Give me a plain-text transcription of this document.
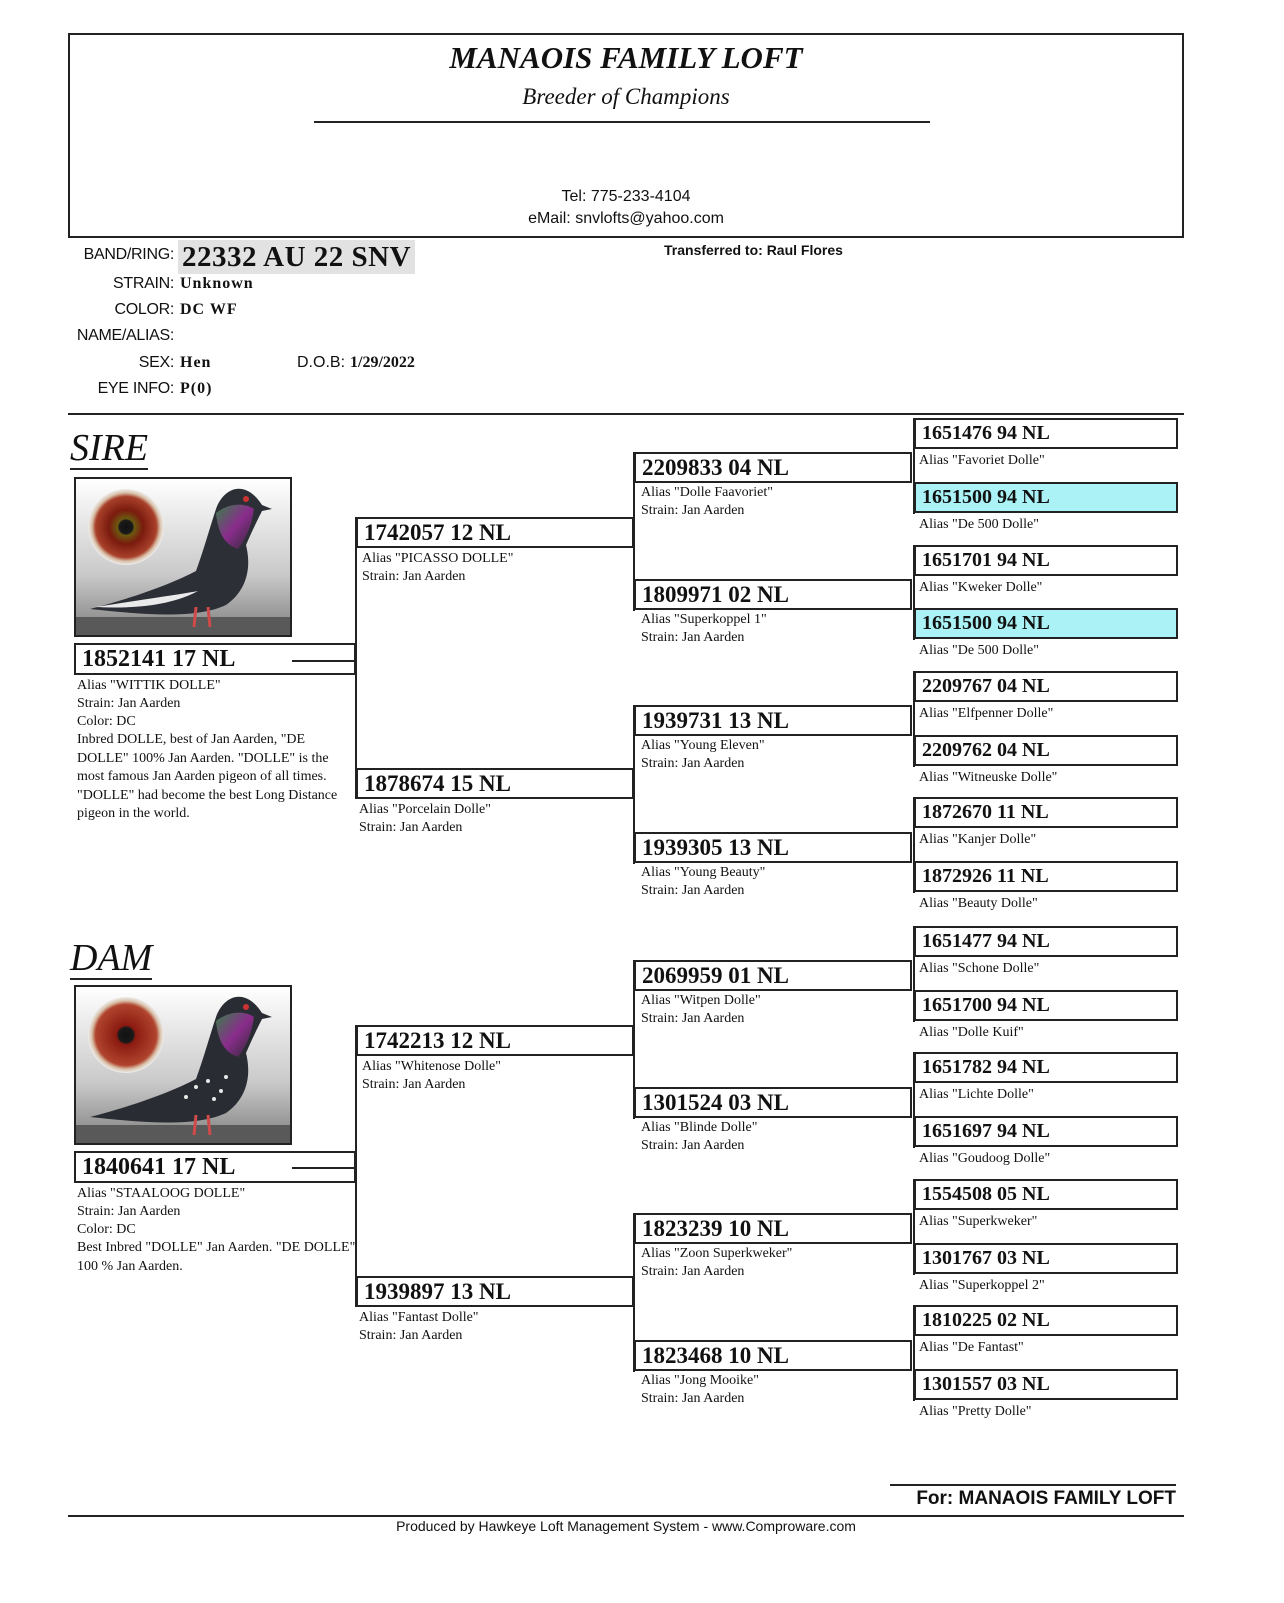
MANAOIS FAMILY LOFT
Breeder of Champions
Tel: 775-233-4104
eMail: snvlofts@yahoo.com
BAND/RING: 22332 AU 22 SNV	Transferred to: Raul Flores
STRAIN: Unknown
COLOR: DC WF
NAME/ALIAS:
SEX: Hen	D.O.B: 1/29/2022
EYE INFO: P(0)
SIRE
1852141 17 NL
Alias "WITTIK DOLLE"
Strain: Jan Aarden
Color: DC
Inbred DOLLE, best of Jan Aarden, "DE DOLLE" 100% Jan Aarden. "DOLLE" is the most famous Jan Aarden pigeon of all times. "DOLLE" had become the best Long Distance pigeon in the world.
DAM
1840641 17 NL
Alias "STAALOOG DOLLE"
Strain: Jan Aarden
Color: DC
Best Inbred "DOLLE" Jan Aarden. "DE DOLLE" 100 % Jan Aarden.
1742057 12 NL
Alias "PICASSO DOLLE"
Strain: Jan Aarden
1878674 15 NL
Alias "Porcelain Dolle"
Strain: Jan Aarden
1742213 12 NL
Alias "Whitenose Dolle"
Strain: Jan Aarden
1939897 13 NL
Alias "Fantast Dolle"
Strain: Jan Aarden
2209833 04 NL
Alias "Dolle Faavoriet"
Strain: Jan Aarden
1809971 02 NL
Alias "Superkoppel 1"
Strain: Jan Aarden
1939731 13 NL
Alias "Young Eleven"
Strain: Jan Aarden
1939305 13 NL
Alias "Young Beauty"
Strain: Jan Aarden
2069959 01 NL
Alias "Witpen Dolle"
Strain: Jan Aarden
1301524 03 NL
Alias "Blinde Dolle"
Strain: Jan Aarden
1823239 10 NL
Alias "Zoon Superkweker"
Strain: Jan Aarden
1823468 10 NL
Alias "Jong Mooike"
Strain: Jan Aarden
1651476 94 NL
Alias "Favoriet Dolle"
1651500 94 NL
Alias "De 500 Dolle"
1651701 94 NL
Alias "Kweker Dolle"
1651500 94 NL
Alias "De 500 Dolle"
2209767 04 NL
Alias "Elfpenner Dolle"
2209762 04 NL
Alias "Witneuske Dolle"
1872670 11 NL
Alias "Kanjer Dolle"
1872926 11 NL
Alias "Beauty Dolle"
1651477 94 NL
Alias "Schone Dolle"
1651700 94 NL
Alias "Dolle Kuif"
1651782 94 NL
Alias "Lichte Dolle"
1651697 94 NL
Alias "Goudoog Dolle"
1554508 05 NL
Alias "Superkweker"
1301767 03 NL
Alias "Superkoppel 2"
1810225 02 NL
Alias "De Fantast"
1301557 03 NL
Alias "Pretty Dolle"
For: MANAOIS FAMILY LOFT
Produced by Hawkeye Loft Management System - www.Comproware.com
